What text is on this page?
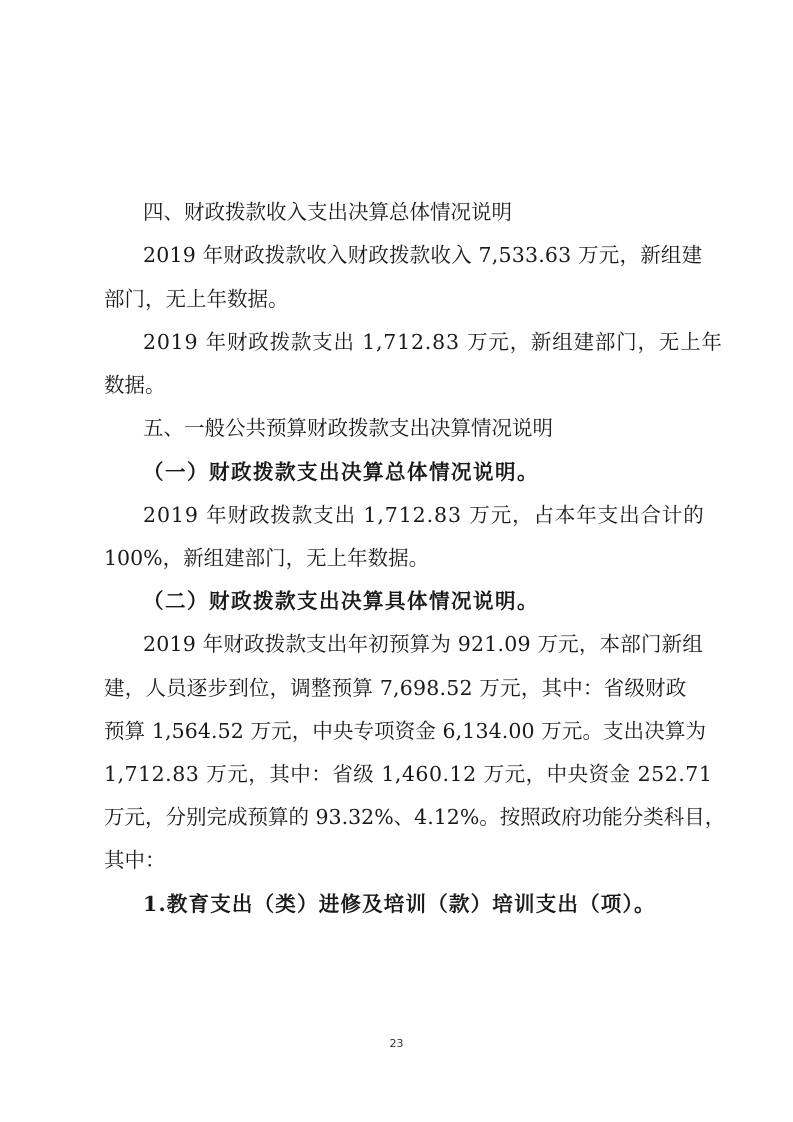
四、财政拨款收入支出决算总体情况说明
2019 年财政拨款收入财政拨款收入 7,533.63 万元，新组建
部门，无上年数据。
2019 年财政拨款支出 1,712.83 万元，新组建部门，无上年
数据。
五、一般公共预算财政拨款支出决算情况说明
（一）财政拨款支出决算总体情况说明。
2019 年财政拨款支出 1,712.83 万元，占本年支出合计的
100%，新组建部门，无上年数据。
（二）财政拨款支出决算具体情况说明。
2019 年财政拨款支出年初预算为 921.09 万元，本部门新组
建，人员逐步到位，调整预算 7,698.52 万元，其中：省级财政
预算 1,564.52 万元，中央专项资金 6,134.00 万元。支出决算为
1,712.83 万元，其中：省级 1,460.12 万元，中央资金 252.71
万元，分别完成预算的 93.32%、4.12%。按照政府功能分类科目，
其中：
1.教育支出（类）进修及培训（款）培训支出（项）。
23
